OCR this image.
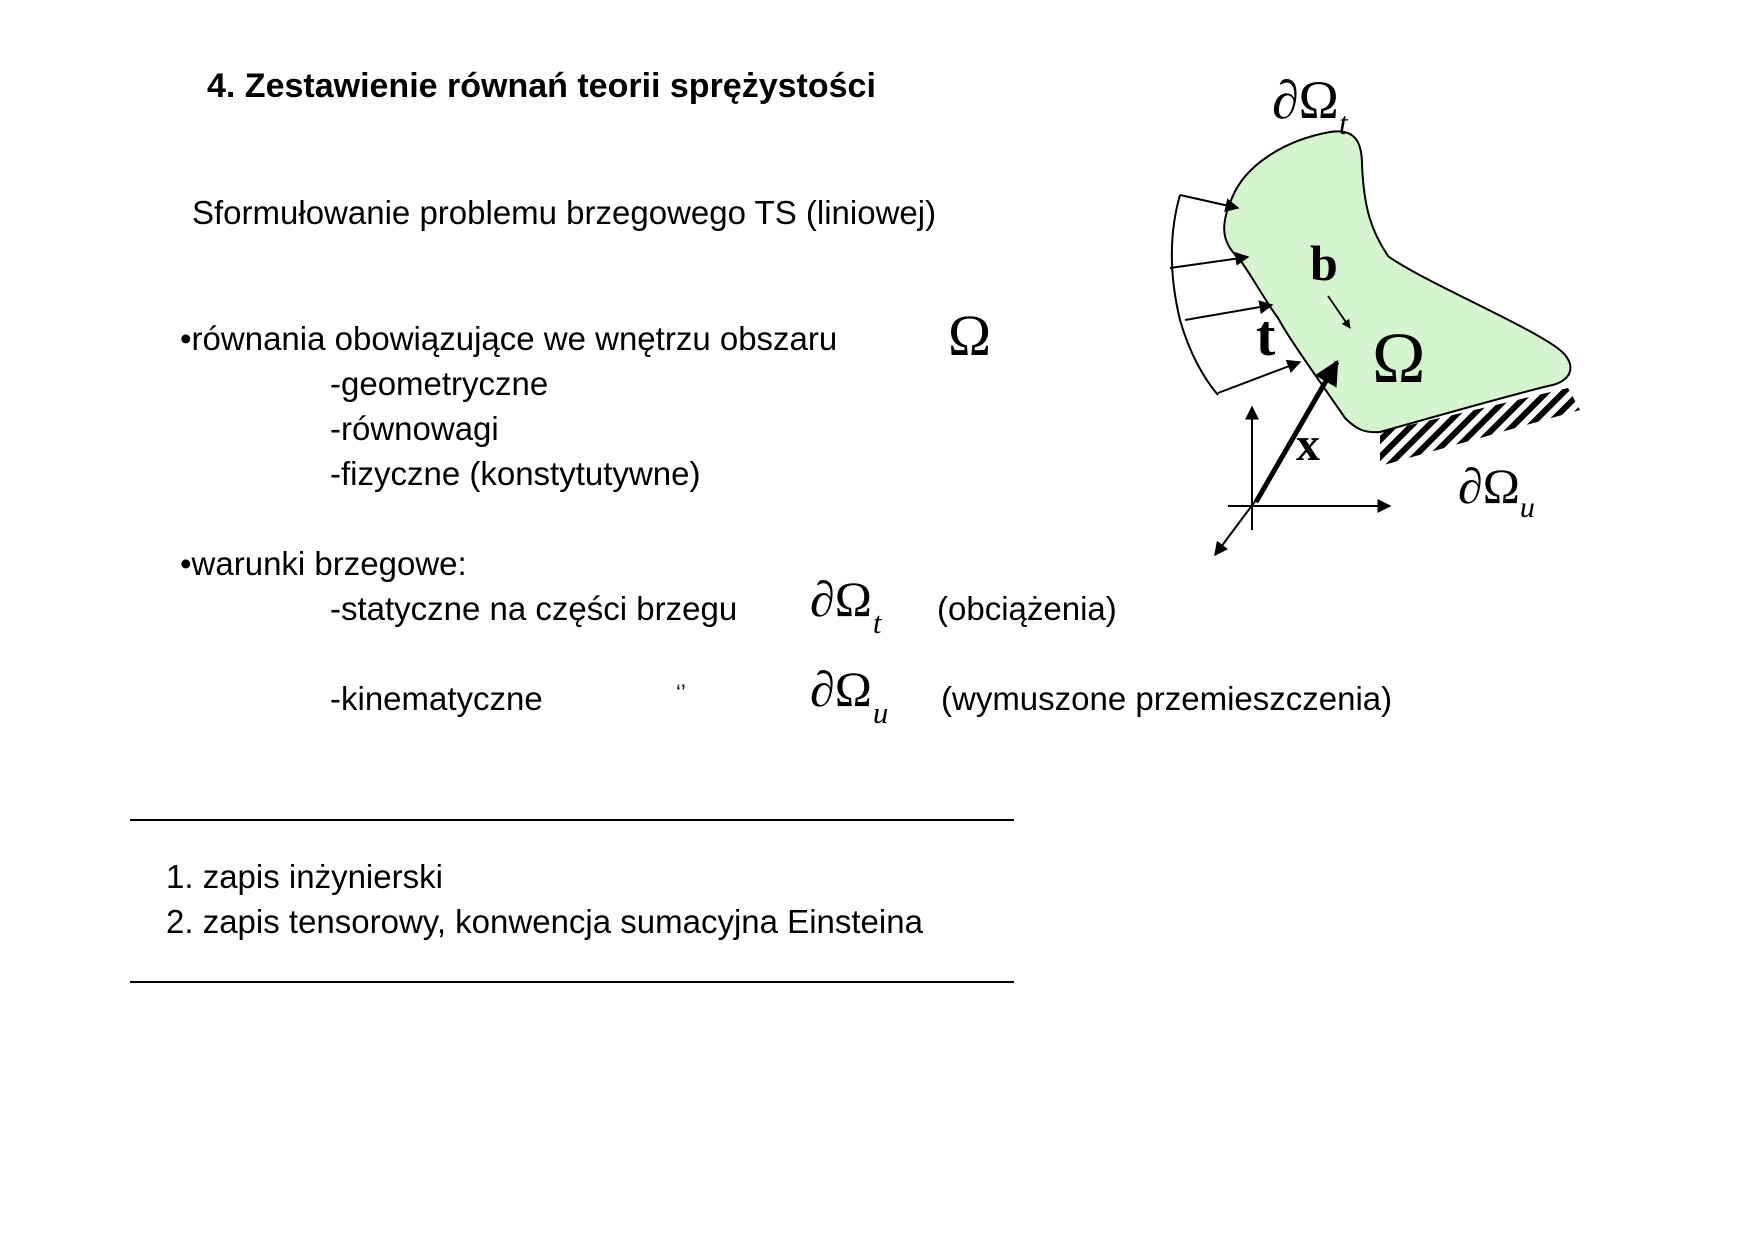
4. Zestawienie równań teorii sprężystości
Sformułowanie problemu brzegowego TS (liniowej)
•równania obowiązujące we wnętrzu obszaru Ω
-geometryczne
-równowagi
-fizyczne (konstytutywne)
•warunki brzegowe:
-statyczne na części brzegu $\partial\Omega_t$ (obciążenia)
-kinematyczne	‘’ $\partial\Omega_u$ (wymuszone przemieszczenia)
1. zapis inżynierski
2. zapis tensorowy, konwencja sumacyjna Einsteina
$\partial\Omega_t$
b
t Ω
x
$\partial\Omega_u$
